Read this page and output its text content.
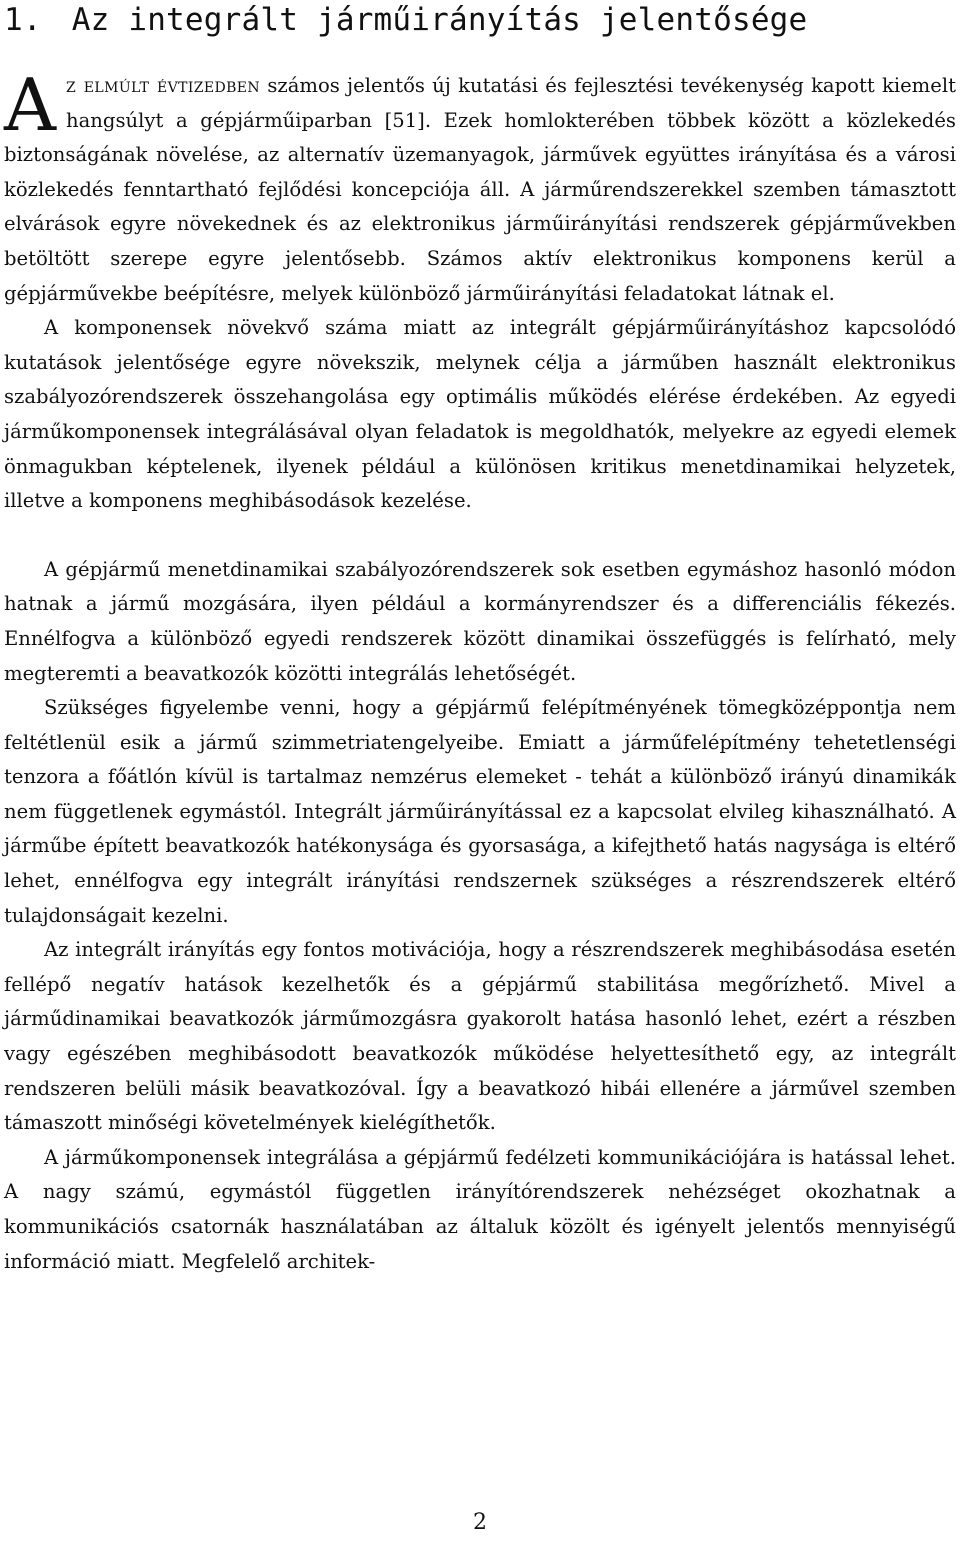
1. Az integrált járműirányítás jelentősége

Az elmúlt évtizedben számos jelentős új kutatási és fejlesztési tevékenység kapott kiemelt hangsúlyt a gépjárműiparban [51]. Ezek homlokterében többek között a közlekedés biztonságának növelése, az alternatív üzemanyagok, járművek együttes irányítása és a városi közlekedés fenntartható fejlődési koncepciója áll. A járműrendszerekkel szemben támasztott elvárások egyre növekednek és az elektronikus járműirányítási rendszerek gépjárművekben betöltött szerepe egyre jelentősebb. Számos aktív elektronikus komponens kerül a gépjárművekbe beépítésre, melyek különböző járműirányítási feladatokat látnak el.

A komponensek növekvő száma miatt az integrált gépjárműirányításhoz kapcsolódó kutatások jelentősége egyre növekszik, melynek célja a járműben használt elektronikus szabályozórendszerek összehangolása egy optimális működés elérése érdekében. Az egyedi járműkomponensek integrálásával olyan feladatok is megoldhatók, melyekre az egyedi elemek önmagukban képtelenek, ilyenek például a különösen kritikus menetdinamikai helyzetek, illetve a komponens meghibásodások kezelése.

A gépjármű menetdinamikai szabályozórendszerek sok esetben egymáshoz hasonló módon hatnak a jármű mozgására, ilyen például a kormányrendszer és a differenciális fékezés. Ennélfogva a különböző egyedi rendszerek között dinamikai összefüggés is felírható, mely megteremti a beavatkozók közötti integrálás lehetőségét.

Szükséges figyelembe venni, hogy a gépjármű felépítményének tömegközéppontja nem feltétlenül esik a jármű szimmetriatengelyeibe. Emiatt a járműfelépítmény tehetetlenségi tenzora a főátlón kívül is tartalmaz nemzérus elemeket - tehát a különböző irányú dinamikák nem függetlenek egymástól. Integrált járműirányítással ez a kapcsolat elvileg kihasználható. A járműbe épített beavatkozók hatékonysága és gyorsasága, a kifejthető hatás nagysága is eltérő lehet, ennélfogva egy integrált irányítási rendszernek szükséges a részrendszerek eltérő tulajdonságait kezelni.

Az integrált irányítás egy fontos motivációja, hogy a részrendszerek meghibásodása esetén fellépő negatív hatások kezelhetők és a gépjármű stabilitása megőrízhető. Mivel a járműdinamikai beavatkozók járműmozgásra gyakorolt hatása hasonló lehet, ezért a részben vagy egészében meghibásodott beavatkozók működése helyettesíthető egy, az integrált rendszeren belüli másik beavatkozóval. Így a beavatkozó hibái ellenére a járművel szemben támaszott minőségi követelmények kielégíthetők.

A járműkomponensek integrálása a gépjármű fedélzeti kommunikációjára is hatással lehet. A nagy számú, egymástól független irányítórendszerek nehézséget okozhatnak a kommunikációs csatornák használatában az általuk közölt és igényelt jelentős mennyiségű információ miatt. Megfelelő architek-

2
